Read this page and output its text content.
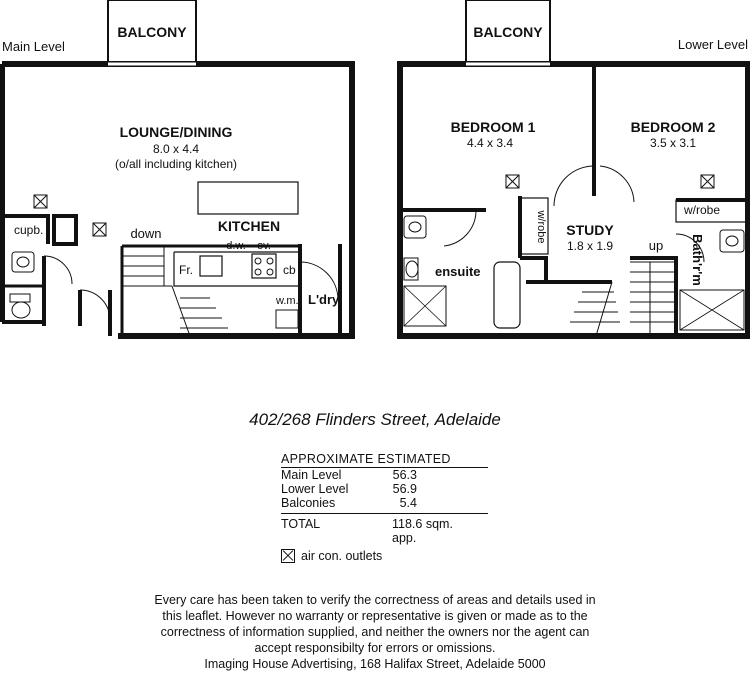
Main Level	Lower Level
BALCONY
LOUNGE/DINING
8.0 x 4.4
(o/all including kitchen)
KITCHEN
down
cupb.
d.w. ov.
Fr.	cb
w.m. L'dry
BALCONY
BEDROOM 1
4.4 x 3.4
BEDROOM 2
3.5 x 3.1
w/robe
w/robe
STUDY
1.8 x 1.9	up
ensuite	Bath'r'm
402/268 Flinders Street, Adelaide
APPROXIMATE ESTIMATED
Main Level	56.3
Lower Level	56.9
Balconies	5.4
TOTAL	118.6 sqm. app.
air con. outlets
Every care has been taken to verify the correctness of areas and details used in
this leaflet. However no warranty or representative is given or made as to the
correctness of information supplied, and neither the owners nor the agent can
accept responsibilty for errors or omissions.
Imaging House Advertising, 168 Halifax Street, Adelaide 5000
